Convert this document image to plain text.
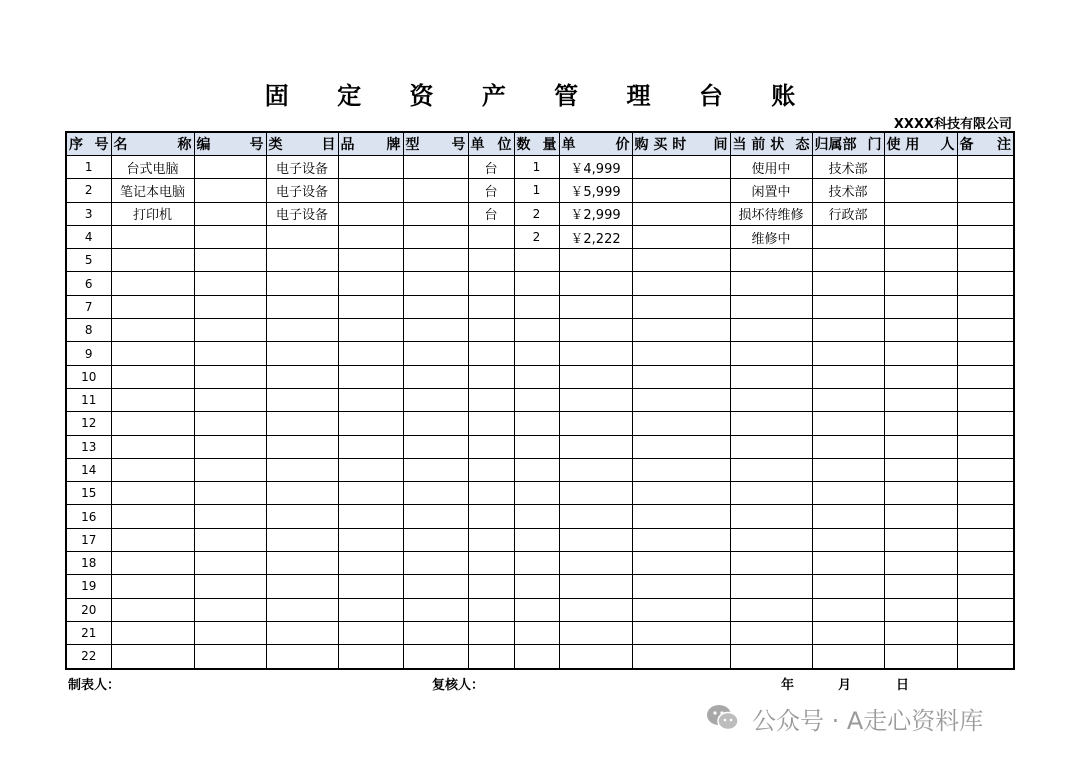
固 定 资 产 管 理 台 账
XXXX科技有限公司
序 号	名 称	编 号	类 目	品 牌	型 号	单 位	数 量	单 价	购 买 时 间	当 前 状 态	归属部 门	使 用 人	备 注

1	台式电脑		电子设备			台	1	￥4,999		使用中	技术部		
2	笔记本电脑		电子设备			台	1	￥5,999		闲置中	技术部		
3	打印机		电子设备			台	2	￥2,999		损坏待维修	行政部		
4							2	￥2,222		维修中			
5													
6													
7													
8													
9													
10													
11													
12													
13													
14													
15													
16													
17													
18													
19													
20													
21													
22													
制表人：	复核人：	年	月	日
公众号 · A走心资料库
